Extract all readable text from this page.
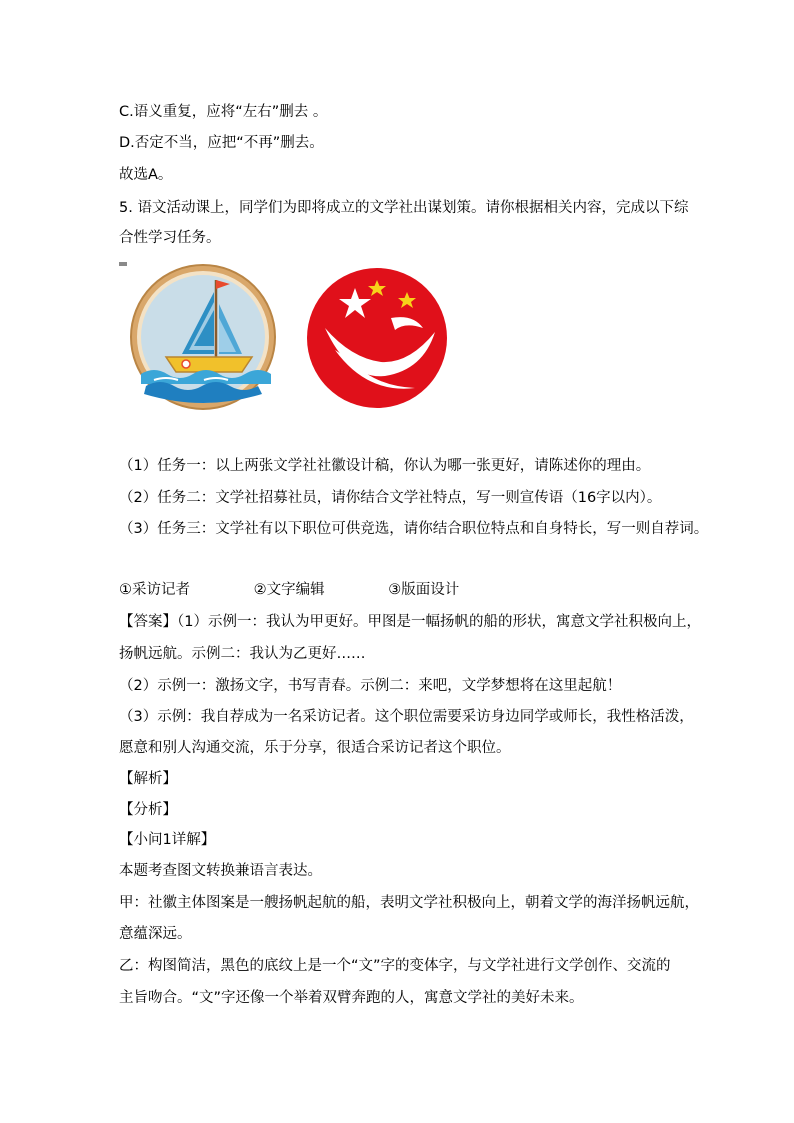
C.语义重复，应将“左右”删去 。
D.否定不当，应把“不再”删去。
故选A。
5. 语文活动课上，同学们为即将成立的文学社出谋划策。请你根据相关内容，完成以下综
合性学习任务。
（1）任务一：以上两张文学社社徽设计稿，你认为哪一张更好，请陈述你的理由。
（2）任务二：文学社招募社员，请你结合文学社特点，写一则宣传语（16字以内）。
（3）任务三：文学社有以下职位可供竞选，请你结合职位特点和自身特长，写一则自荐词。
①采访记者	②文字编辑	③版面设计
【答案】（1）示例一：我认为甲更好。甲图是一幅扬帆的船的形状，寓意文学社积极向上，
扬帆远航。示例二：我认为乙更好……
（2）示例一：激扬文字，书写青春。示例二：来吧，文学梦想将在这里起航！
（3）示例：我自荐成为一名采访记者。这个职位需要采访身边同学或师长，我性格活泼，
愿意和别人沟通交流，乐于分享，很适合采访记者这个职位。
【解析】
【分析】
【小问1详解】
本题考查图文转换兼语言表达。
甲：社徽主体图案是一艘扬帆起航的船，表明文学社积极向上，朝着文学的海洋扬帆远航，
意蕴深远。
乙：构图简洁，黑色的底纹上是一个“文”字的变体字，与文学社进行文学创作、交流的
主旨吻合。“文”字还像一个举着双臂奔跑的人，寓意文学社的美好未来。
